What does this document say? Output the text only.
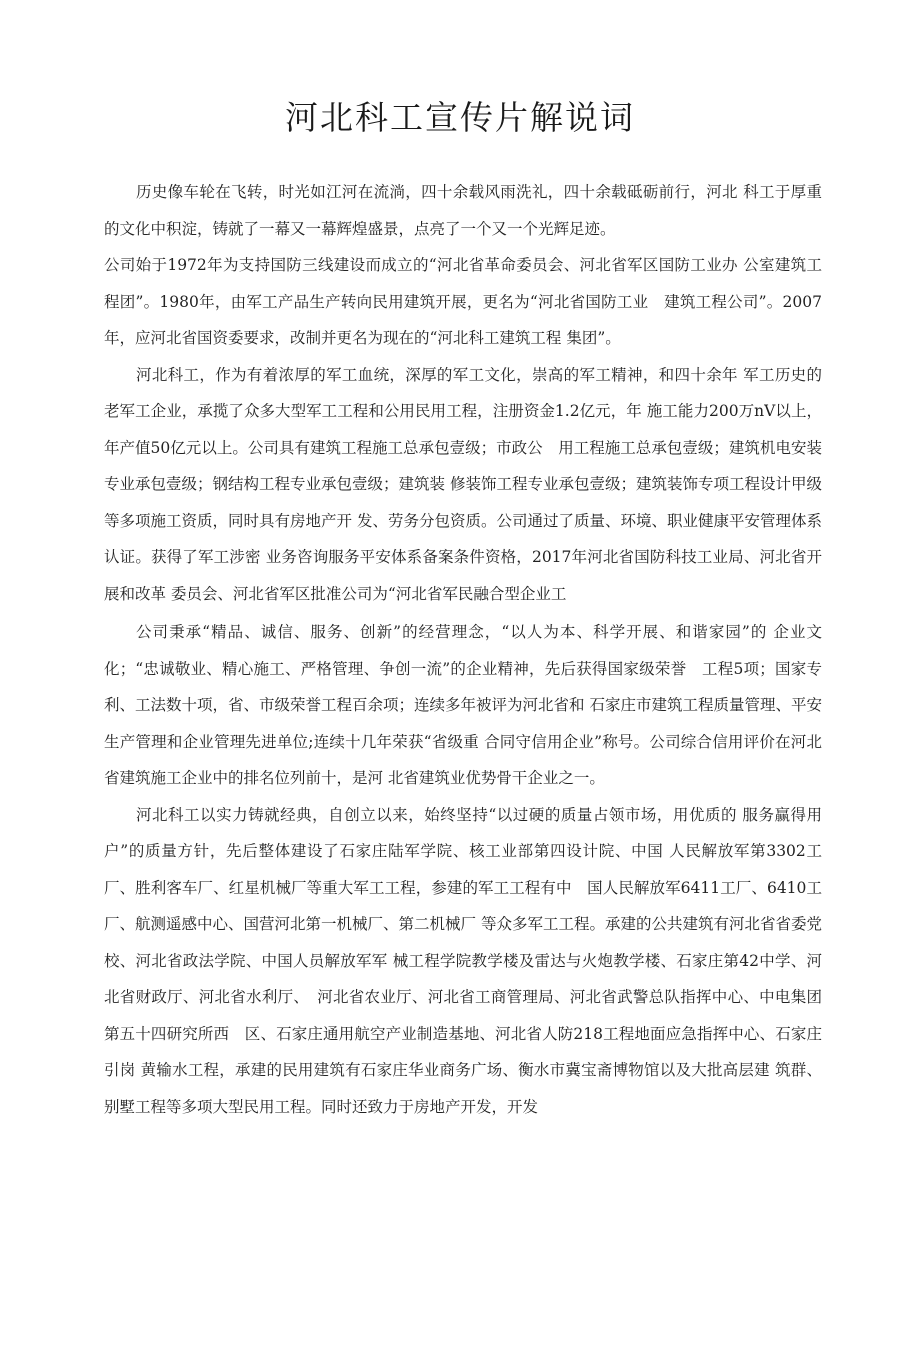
河北科工宣传片解说词

历史像车轮在飞转，时光如江河在流淌，四十余载风雨洗礼，四十余载砥砺前行，河北 科工于厚重的文化中积淀，铸就了一幕又一幕辉煌盛景，点亮了一个又一个光辉足迹。

公司始于1972年为支持国防三线建设而成立的“河北省革命委员会、河北省军区国防工业办 公室建筑工程团”。1980年，由军工产品生产转向民用建筑开展，更名为“河北省国防工业　建筑工程公司”。2007年，应河北省国资委要求，改制并更名为现在的“河北科工建筑工程 集团”。

河北科工，作为有着浓厚的军工血统，深厚的军工文化，崇高的军工精神，和四十余年 军工历史的老军工企业，承揽了众多大型军工工程和公用民用工程，注册资金1.2亿元，年 施工能力200万nV以上，年产值50亿元以上。公司具有建筑工程施工总承包壹级；市政公　用工程施工总承包壹级；建筑机电安装专业承包壹级；钢结构工程专业承包壹级；建筑装 修装饰工程专业承包壹级；建筑装饰专项工程设计甲级等多项施工资质，同时具有房地产开 发、劳务分包资质。公司通过了质量、环境、职业健康平安管理体系认证。获得了军工涉密 业务咨询服务平安体系备案条件资格，2017年河北省国防科技工业局、河北省开展和改革 委员会、河北省军区批准公司为“河北省军民融合型企业工

公司秉承“精品、诚信、服务、创新”的经营理念，“以人为本、科学开展、和谐家园”的 企业文化；“忠诚敬业、精心施工、严格管理、争创一流”的企业精神，先后获得国家级荣誉　工程5项；国家专利、工法数十项，省、市级荣誉工程百余项；连续多年被评为河北省和 石家庄市建筑工程质量管理、平安生产管理和企业管理先进单位;连续十几年荣获“省级重 合同守信用企业”称号。公司综合信用评价在河北省建筑施工企业中的排名位列前十，是河 北省建筑业优势骨干企业之一。

河北科工以实力铸就经典，自创立以来，始终坚持“以过硬的质量占领市场，用优质的 服务赢得用户”的质量方针，先后整体建设了石家庄陆军学院、核工业部第四设计院、中国 人民解放军第3302工厂、胜利客车厂、红星机械厂等重大军工工程，参建的军工工程有中　国人民解放军6411工厂、6410工厂、航测遥感中心、国营河北第一机械厂、第二机械厂 等众多军工工程。承建的公共建筑有河北省省委党校、河北省政法学院、中国人员解放军军 械工程学院教学楼及雷达与火炮教学楼、石家庄第42中学、河北省财政厅、河北省水利厅、　河北省农业厅、河北省工商管理局、河北省武警总队指挥中心、中电集团第五十四研究所西　区、石家庄通用航空产业制造基地、河北省人防218工程地面应急指挥中心、石家庄引岗 黄输水工程，承建的民用建筑有石家庄华业商务广场、衡水市冀宝斋博物馆以及大批高层建 筑群、别墅工程等多项大型民用工程。同时还致力于房地产开发，开发
